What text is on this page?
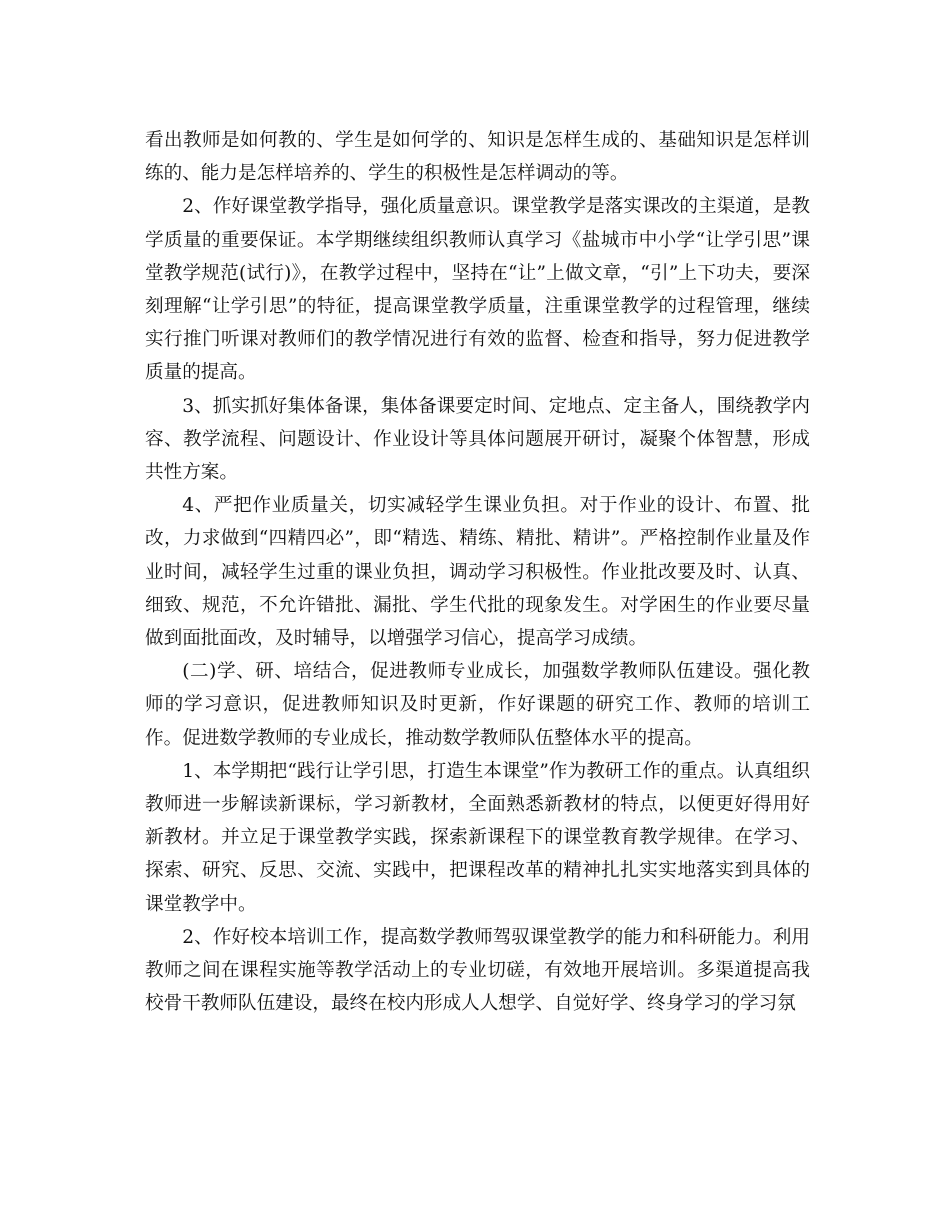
看出教师是如何教的、学生是如何学的、知识是怎样生成的、基础知识是怎样训练的、能力是怎样培养的、学生的积极性是怎样调动的等。

2、作好课堂教学指导，强化质量意识。课堂教学是落实课改的主渠道，是教学质量的重要保证。本学期继续组织教师认真学习《盐城市中小学“让学引思”课堂教学规范(试行)》，在教学过程中，坚持在“让”上做文章，“引”上下功夫，要深刻理解“让学引思”的特征，提高课堂教学质量，注重课堂教学的过程管理，继续实行推门听课对教师们的教学情况进行有效的监督、检查和指导，努力促进教学质量的提高。

3、抓实抓好集体备课，集体备课要定时间、定地点、定主备人，围绕教学内容、教学流程、问题设计、作业设计等具体问题展开研讨，凝聚个体智慧，形成共性方案。

4、严把作业质量关，切实减轻学生课业负担。对于作业的设计、布置、批改，力求做到“四精四必”，即“精选、精练、精批、精讲”。严格控制作业量及作业时间，减轻学生过重的课业负担，调动学习积极性。作业批改要及时、认真、细致、规范，不允许错批、漏批、学生代批的现象发生。对学困生的作业要尽量做到面批面改，及时辅导，以增强学习信心，提高学习成绩。

(二)学、研、培结合，促进教师专业成长，加强数学教师队伍建设。强化教师的学习意识，促进教师知识及时更新，作好课题的研究工作、教师的培训工作。促进数学教师的专业成长，推动数学教师队伍整体水平的提高。

1、本学期把“践行让学引思，打造生本课堂”作为教研工作的重点。认真组织教师进一步解读新课标，学习新教材，全面熟悉新教材的特点，以便更好得用好新教材。并立足于课堂教学实践，探索新课程下的课堂教育教学规律。在学习、探索、研究、反思、交流、实践中，把课程改革的精神扎扎实实地落实到具体的课堂教学中。

2、作好校本培训工作，提高数学教师驾驭课堂教学的能力和科研能力。利用教师之间在课程实施等教学活动上的专业切磋，有效地开展培训。多渠道提高我校骨干教师队伍建设，最终在校内形成人人想学、自觉好学、终身学习的学习氛
